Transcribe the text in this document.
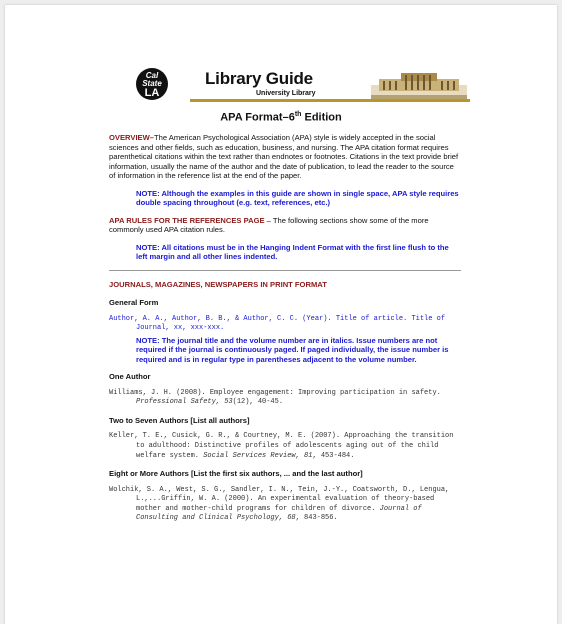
Cal
State
LA
Library Guide
University Library
APA Format–6th Edition

OVERVIEW–The American Psychological Association (APA) style is widely accepted in the social sciences and other fields, such as education, business, and nursing. The APA citation format requires parenthetical citations within the text rather than endnotes or footnotes. Citations in the text provide brief information, usually the name of the author and the date of publication, to lead the reader to the source of information in the reference list at the end of the paper.

NOTE: Although the examples in this guide are shown in single space, APA style requires double spacing throughout (e.g. text, references, etc.)

APA RULES FOR THE REFERENCES PAGE – The following sections show some of the more commonly used APA citation rules.

NOTE: All citations must be in the Hanging Indent Format with the first line flush to the left margin and all other lines indented.

JOURNALS, MAGAZINES, NEWSPAPERS IN PRINT FORMAT

General Form

Author, A. A., Author, B. B., & Author, C. C. (Year). Title of article. Title of Journal, xx, xxx-xxx.

NOTE: The journal title and the volume number are in italics. Issue numbers are not required if the journal is continuously paged. If paged individually, the issue number is required and is in regular type in parentheses adjacent to the volume number.

One Author

Williams, J. H. (2008). Employee engagement: Improving participation in safety. Professional Safety, 53(12), 40-45.

Two to Seven Authors [List all authors]

Keller, T. E., Cusick, G. R., & Courtney, M. E. (2007). Approaching the transition to adulthood: Distinctive profiles of adolescents aging out of the child welfare system. Social Services Review, 81, 453-484.

Eight or More Authors [List the first six authors, ... and the last author]

Wolchik, S. A., West, S. G., Sandler, I. N., Tein, J.-Y., Coatsworth, D., Lengua, L.,...Griffin, W. A. (2000). An experimental evaluation of theory-based mother and mother-child programs for children of divorce. Journal of Consulting and Clinical Psychology, 68, 843-856.
